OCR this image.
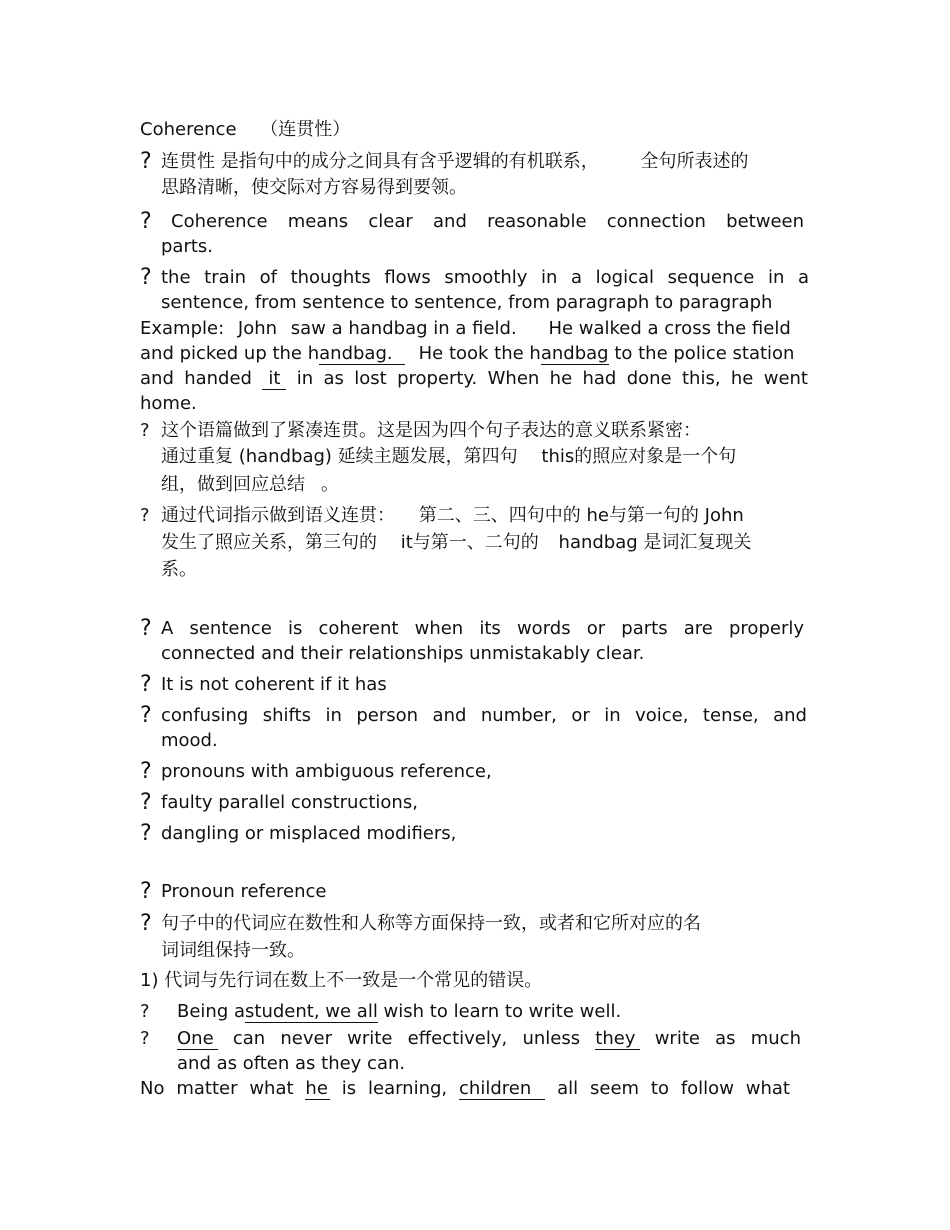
Coherence （连贯性）
? 连贯性 是指句中的成分之间具有含乎逻辑的有机联系， 全句所表述的
思路清晰，使交际对方容易得到要领。
? Coherence means clear and reasonable connection between
parts.
? the train of thoughts flows smoothly in a logical sequence in a
sentence, from sentence to sentence, from paragraph to paragraph
Example: John saw a handbag in a field. He walked a cross the field
and picked up the handbag. He took the handbag to the police station
and handed it in as lost property. When he had done this, he went
home.
? 这个语篇做到了紧凑连贯。这是因为四个句子表达的意义联系紧密：
通过重复 (handbag) 延续主题发展，第四句 this的照应对象是一个句
组，做到回应总结 。
? 通过代词指示做到语义连贯： 第二、三、四句中的 he与第一句的 John
发生了照应关系，第三句的 it与第一、二句的 handbag 是词汇复现关
系。
? A sentence is coherent when its words or parts are properly
connected and their relationships unmistakably clear.
? It is not coherent if it has
? confusing shifts in person and number, or in voice, tense, and
mood.
? pronouns with ambiguous reference,
? faulty parallel constructions,
? dangling or misplaced modifiers,
? Pronoun reference
? 句子中的代词应在数性和人称等方面保持一致，或者和它所对应的名
词词组保持一致。
1) 代词与先行词在数上不一致是一个常见的错误。
? Being astudent, we all wish to learn to write well.
? One can never write effectively, unless they write as much
and as often as they can.
No matter what he is learning, children all seem to follow what
